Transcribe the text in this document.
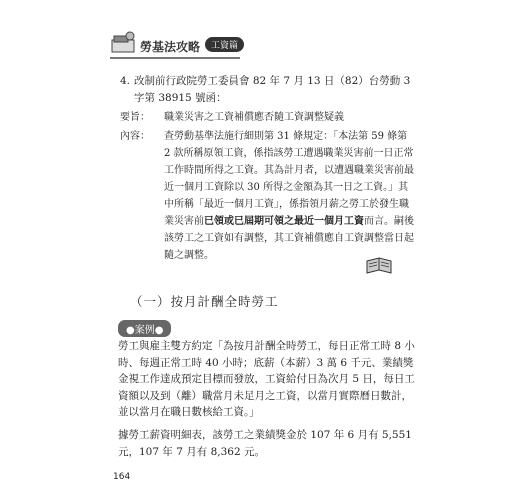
勞基法攻略	工資篇
4. 改制前行政院勞工委員會 82 年 7 月 13 日（82）台勞動 3 字第 38915 號函：
要旨：	職業災害之工資補償應否隨工資調整疑義
內容：	查勞動基準法施行細則第 31 條規定：「本法第 59 條第 2 款所稱原領工資，係指該勞工遭遇職業災害前一日正常工作時間所得之工資。其為計月者，以遭遇職業災害前最近一個月工資除以 30 所得之金額為其一日之工資。」其中所稱「最近一個月工資」，係指領月薪之勞工於發生職業災害前已領或已屆期可領之最近一個月工資而言。嗣後該勞工之工資如有調整，其工資補償應自工資調整當日起隨之調整。
（一）按月計酬全時勞工
●案例●

勞工與雇主雙方約定「為按月計酬全時勞工，每日正常工時 8 小時、每週正常工時 40 小時；底薪（本薪）3 萬 6 千元、業績獎金視工作達成預定目標而發放，工資給付日為次月 5 日，每日工資額以及到（離）職當月未足月之工資，以當月實際曆日數計，並以當月在職日數核給工資。」

據勞工薪資明細表，該勞工之業績獎金於 107 年 6 月有 5,551 元，107 年 7 月有 8,362 元。

164
